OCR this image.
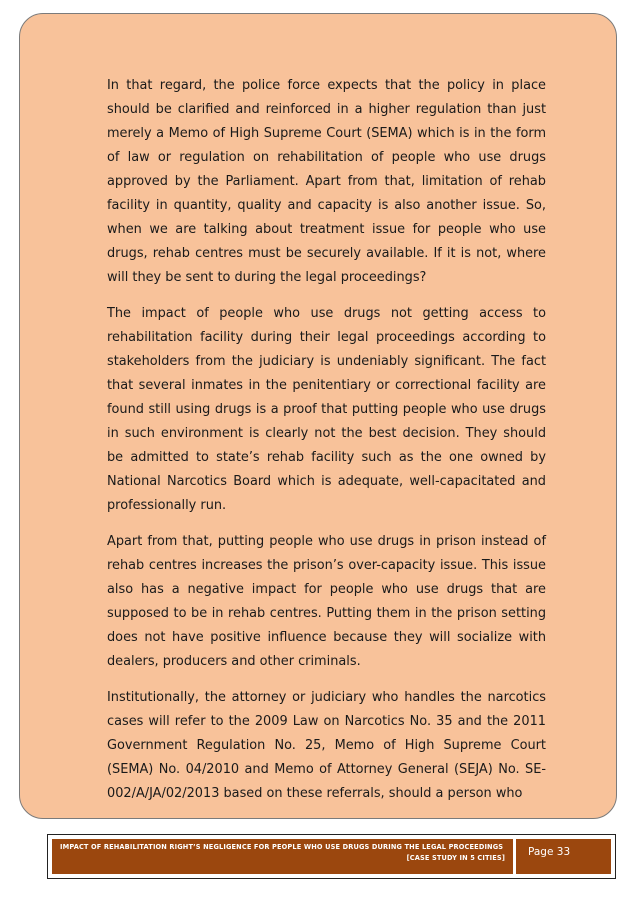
In that regard, the police force expects that the policy in place should be clarified and reinforced in a higher regulation than just merely a Memo of High Supreme Court (SEMA) which is in the form of law or regulation on rehabilitation of people who use drugs approved by the Parliament. Apart from that, limitation of rehab facility in quantity, quality and capacity is also another issue. So, when we are talking about treatment issue for people who use drugs, rehab centres must be securely available. If it is not, where will they be sent to during the legal proceedings?

The impact of people who use drugs not getting access to rehabilitation facility during their legal proceedings according to stakeholders from the judiciary is undeniably significant. The fact that several inmates in the penitentiary or correctional facility are found still using drugs is a proof that putting people who use drugs in such environment is clearly not the best decision. They should be admitted to state’s rehab facility such as the one owned by National Narcotics Board which is adequate, well-capacitated and professionally run.

Apart from that, putting people who use drugs in prison instead of rehab centres increases the prison’s over-capacity issue. This issue also has a negative impact for people who use drugs that are supposed to be in rehab centres. Putting them in the prison setting does not have positive influence because they will socialize with dealers, producers and other criminals.

Institutionally, the attorney or judiciary who handles the narcotics cases will refer to the 2009 Law on Narcotics No. 35 and the 2011 Government Regulation No. 25, Memo of High Supreme Court (SEMA) No. 04/2010 and Memo of Attorney General (SEJA) No. SE-002/A/JA/02/2013 based on these referrals, should a person who

IMPACT OF REHABILITATION RIGHT’S NEGLIGENCE FOR PEOPLE WHO USE DRUGS DURING THE LEGAL PROCEEDINGS
[CASE STUDY IN 5 CITIES]	Page 33
